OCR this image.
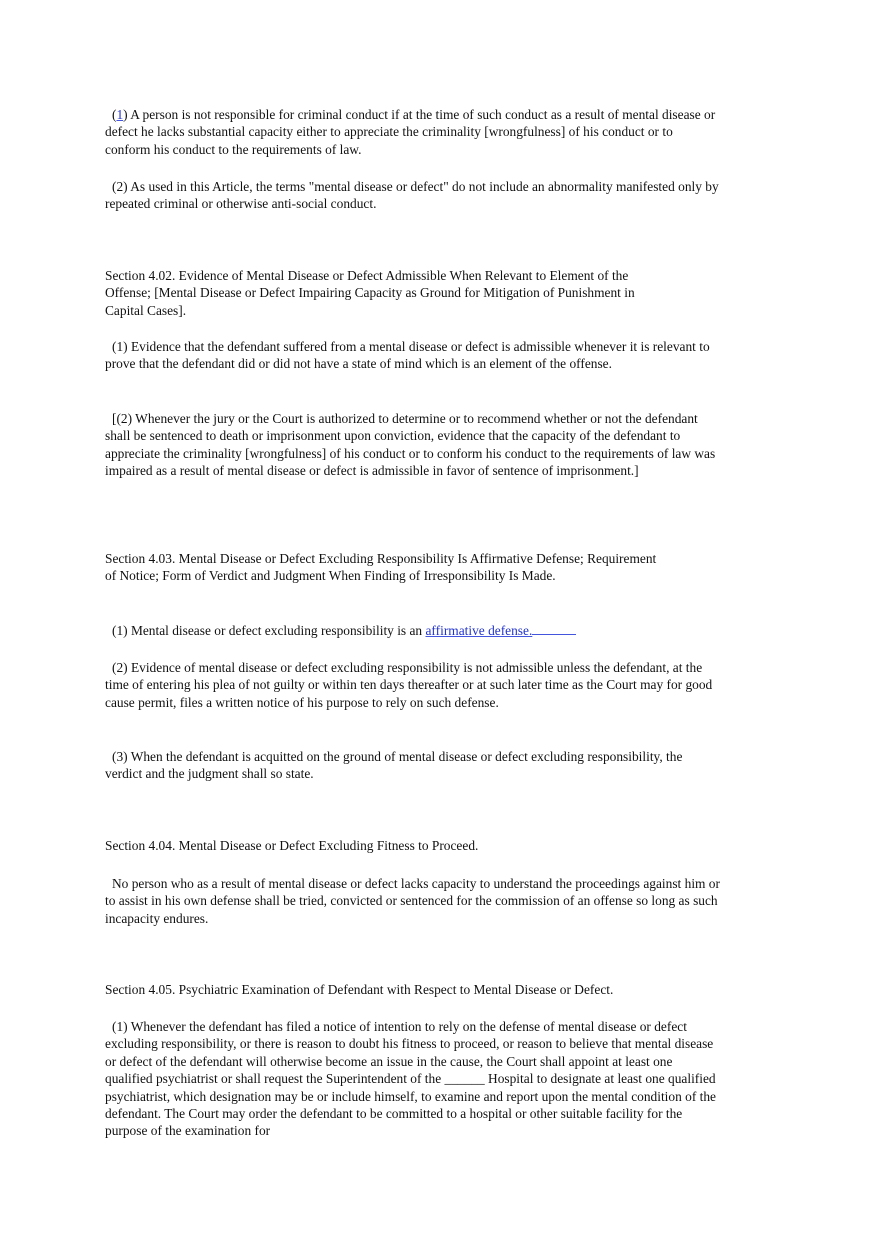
(1) A person is not responsible for criminal conduct if at the time of such conduct as a result of mental disease or defect he lacks substantial capacity either to appreciate the criminality [wrongfulness] of his conduct or to conform his conduct to the requirements of law.

(2) As used in this Article, the terms "mental disease or defect" do not include an abnormality manifested only by repeated criminal or otherwise anti-social conduct.

Section 4.02. Evidence of Mental Disease or Defect Admissible When Relevant to Element of the Offense; [Mental Disease or Defect Impairing Capacity as Ground for Mitigation of Punishment in Capital Cases].

(1) Evidence that the defendant suffered from a mental disease or defect is admissible whenever it is relevant to prove that the defendant did or did not have a state of mind which is an element of the offense.

[(2) Whenever the jury or the Court is authorized to determine or to recommend whether or not the defendant shall be sentenced to death or imprisonment upon conviction, evidence that the capacity of the defendant to appreciate the criminality [wrongfulness] of his conduct or to conform his conduct to the requirements of law was impaired as a result of mental disease or defect is admissible in favor of sentence of imprisonment.]

Section 4.03. Mental Disease or Defect Excluding Responsibility Is Affirmative Defense; Requirement of Notice; Form of Verdict and Judgment When Finding of Irresponsibility Is Made.

(1) Mental disease or defect excluding responsibility is an affirmative defense.

(2) Evidence of mental disease or defect excluding responsibility is not admissible unless the defendant, at the time of entering his plea of not guilty or within ten days thereafter or at such later time as the Court may for good cause permit, files a written notice of his purpose to rely on such defense.

(3) When the defendant is acquitted on the ground of mental disease or defect excluding responsibility, the verdict and the judgment shall so state.

Section 4.04. Mental Disease or Defect Excluding Fitness to Proceed.

No person who as a result of mental disease or defect lacks capacity to understand the proceedings against him or to assist in his own defense shall be tried, convicted or sentenced for the commission of an offense so long as such incapacity endures.

Section 4.05. Psychiatric Examination of Defendant with Respect to Mental Disease or Defect.

(1) Whenever the defendant has filed a notice of intention to rely on the defense of mental disease or defect excluding responsibility, or there is reason to doubt his fitness to proceed, or reason to believe that mental disease or defect of the defendant will otherwise become an issue in the cause, the Court shall appoint at least one qualified psychiatrist or shall request the Superintendent of the ______ Hospital to designate at least one qualified psychiatrist, which designation may be or include himself, to examine and report upon the mental condition of the defendant. The Court may order the defendant to be committed to a hospital or other suitable facility for the purpose of the examination for
